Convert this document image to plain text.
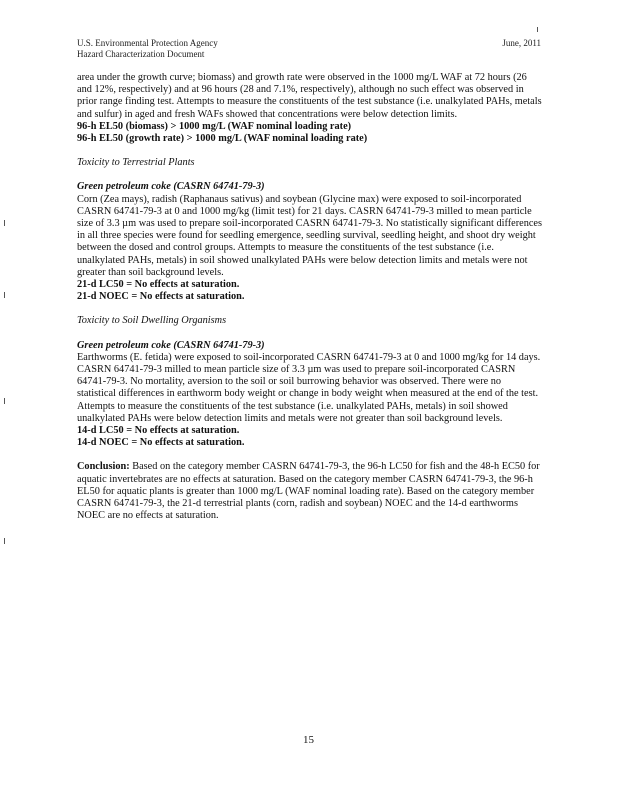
U.S. Environmental Protection Agency
Hazard Characterization Document
June, 2011

area under the growth curve; biomass) and growth rate were observed in the 1000 mg/L WAF at 72 hours (26 and 12%, respectively) and at 96 hours (28 and 7.1%, respectively), although no such effect was observed in prior range finding test. Attempts to measure the constituents of the test substance (i.e. unalkylated PAHs, metals and sulfur) in aged and fresh WAFs showed that concentrations were below detection limits.

96-h EL50 (biomass) > 1000 mg/L (WAF nominal loading rate)

96-h EL50 (growth rate) > 1000 mg/L (WAF nominal loading rate)

Toxicity to Terrestrial Plants

Green petroleum coke (CASRN 64741-79-3)

Corn (Zea mays), radish (Raphanaus sativus) and soybean (Glycine max) were exposed to soil-incorporated CASRN 64741-79-3 at 0 and 1000 mg/kg (limit test) for 21 days. CASRN 64741-79-3 milled to mean particle size of 3.3 µm was used to prepare soil-incorporated CASRN 64741-79-3. No statistically significant differences in all three species were found for seedling emergence, seedling survival, seedling height, and shoot dry weight between the dosed and control groups. Attempts to measure the constituents of the test substance (i.e. unalkylated PAHs, metals) in soil showed unalkylated PAHs were below detection limits and metals were not greater than soil background levels.

21-d LC50 = No effects at saturation.

21-d NOEC = No effects at saturation.

Toxicity to Soil Dwelling Organisms

Green petroleum coke (CASRN 64741-79-3)

Earthworms (E. fetida) were exposed to soil-incorporated CASRN 64741-79-3 at 0 and 1000 mg/kg for 14 days. CASRN 64741-79-3 milled to mean particle size of 3.3 µm was used to prepare soil-incorporated CASRN 64741-79-3. No mortality, aversion to the soil or soil burrowing behavior was observed. There were no statistical differences in earthworm body weight or change in body weight when measured at the end of the test. Attempts to measure the constituents of the test substance (i.e. unalkylated PAHs, metals) in soil showed unalkylated PAHs were below detection limits and metals were not greater than soil background levels.

14-d LC50 = No effects at saturation.

14-d NOEC = No effects at saturation.

Conclusion: Based on the category member CASRN 64741-79-3, the 96-h LC50 for fish and the 48-h EC50 for aquatic invertebrates are no effects at saturation. Based on the category member CASRN 64741-79-3, the 96-h EL50 for aquatic plants is greater than 1000 mg/L (WAF nominal loading rate). Based on the category member CASRN 64741-79-3, the 21-d terrestrial plants (corn, radish and soybean) NOEC and the 14-d earthworms NOEC are no effects at saturation.

15
